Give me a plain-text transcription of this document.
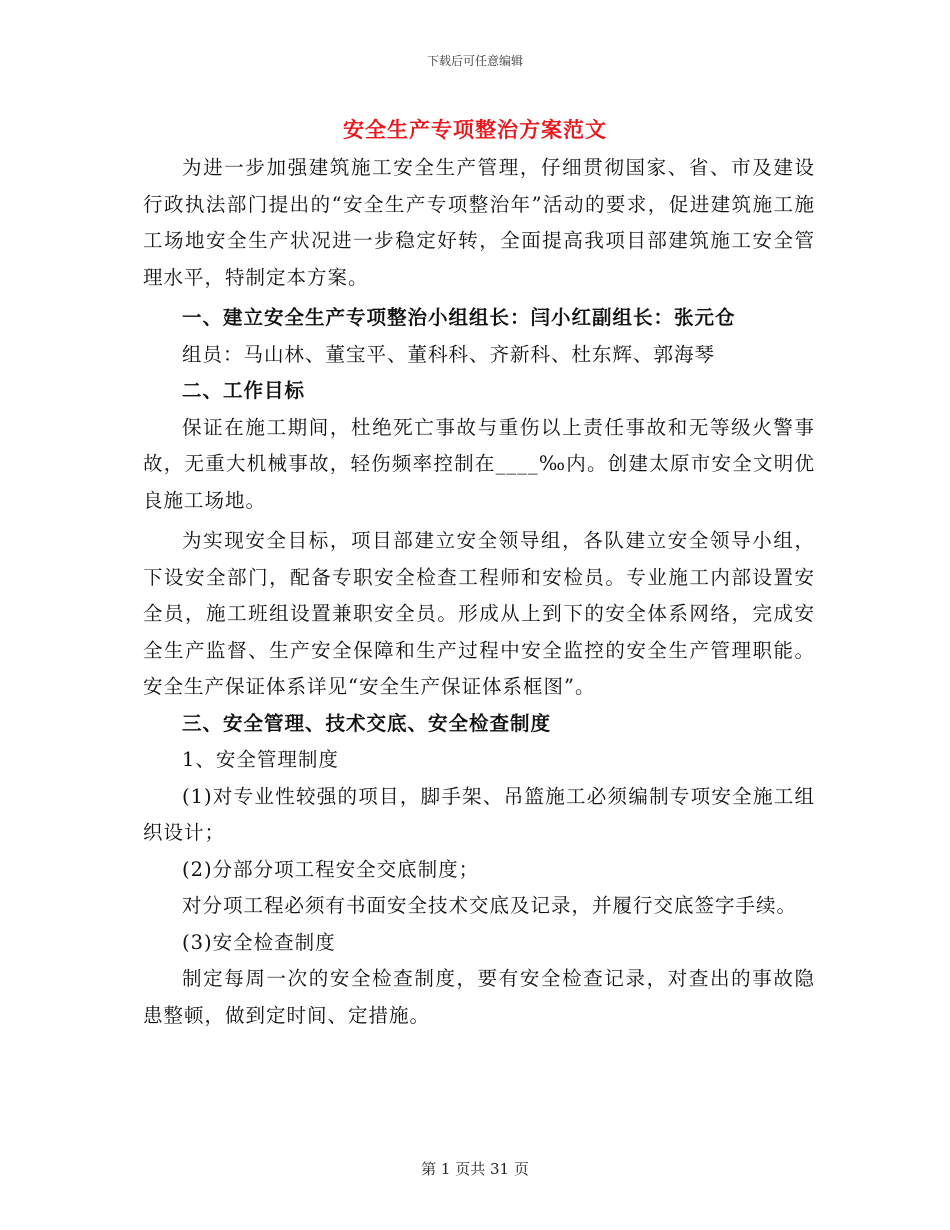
下载后可任意编辑
安全生产专项整治方案范文

为进一步加强建筑施工安全生产管理，仔细贯彻国家、省、市及建设行政执法部门提出的“安全生产专项整治年”活动的要求，促进建筑施工施工场地安全生产状况进一步稳定好转，全面提高我项目部建筑施工安全管理水平，特制定本方案。

一、建立安全生产专项整治小组组长：闫小红副组长：张元仓

组员：马山林、董宝平、董科科、齐新科、杜东辉、郭海琴

二、工作目标

保证在施工期间，杜绝死亡事故与重伤以上责任事故和无等级火警事故，无重大机械事故，轻伤频率控制在____‰内。创建太原市安全文明优良施工场地。

为实现安全目标，项目部建立安全领导组，各队建立安全领导小组，下设安全部门，配备专职安全检查工程师和安检员。专业施工内部设置安全员，施工班组设置兼职安全员。形成从上到下的安全体系网络，完成安全生产监督、生产安全保障和生产过程中安全监控的安全生产管理职能。安全生产保证体系详见“安全生产保证体系框图”。

三、安全管理、技术交底、安全检查制度

1、安全管理制度

(1)对专业性较强的项目，脚手架、吊篮施工必须编制专项安全施工组织设计；

(2)分部分项工程安全交底制度；

对分项工程必须有书面安全技术交底及记录，并履行交底签字手续。

(3)安全检查制度

制定每周一次的安全检查制度，要有安全检查记录，对查出的事故隐患整顿，做到定时间、定措施。

第 1 页共 31 页
